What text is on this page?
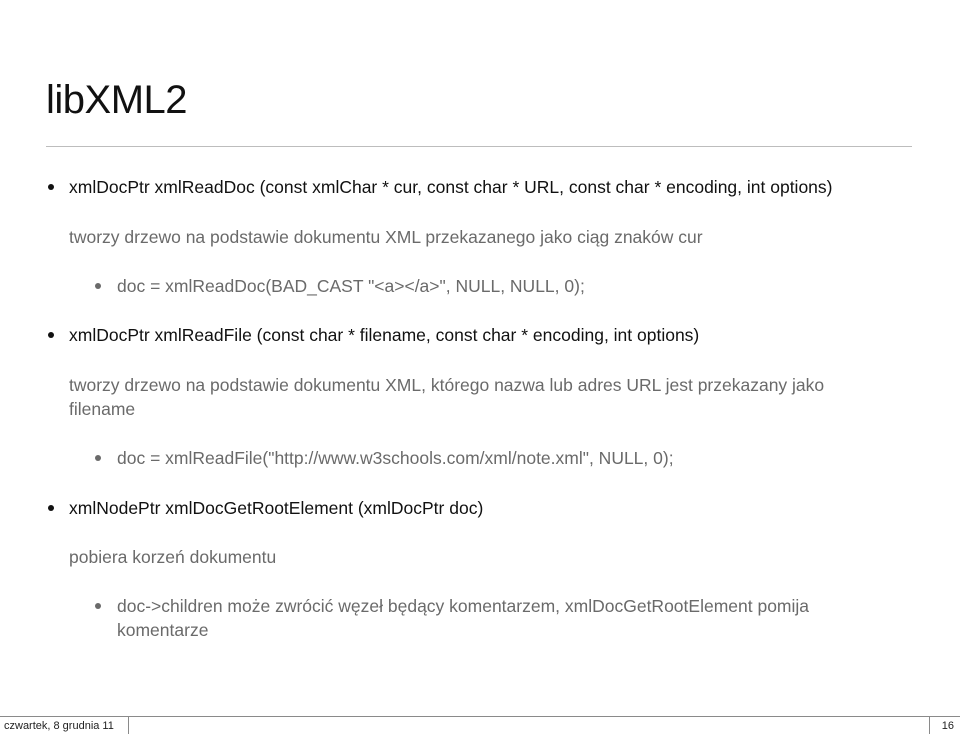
libXML2
xmlDocPtr xmlReadDoc (const xmlChar * cur, const char * URL, const char * encoding, int options)
tworzy drzewo na podstawie dokumentu XML przekazanego jako ciąg znaków cur
doc = xmlReadDoc(BAD_CAST "<a></a>", NULL, NULL, 0);
xmlDocPtr xmlReadFile (const char * filename, const char * encoding, int options)
tworzy drzewo na podstawie dokumentu XML, którego nazwa lub adres URL jest przekazany jako
filename
doc = xmlReadFile("http://www.w3schools.com/xml/note.xml", NULL, 0);
xmlNodePtr xmlDocGetRootElement (xmlDocPtr doc)
pobiera korzeń dokumentu
doc->children może zwrócić węzeł będący komentarzem, xmlDocGetRootElement pomija
komentarze
czwartek, 8 grudnia 11	16
